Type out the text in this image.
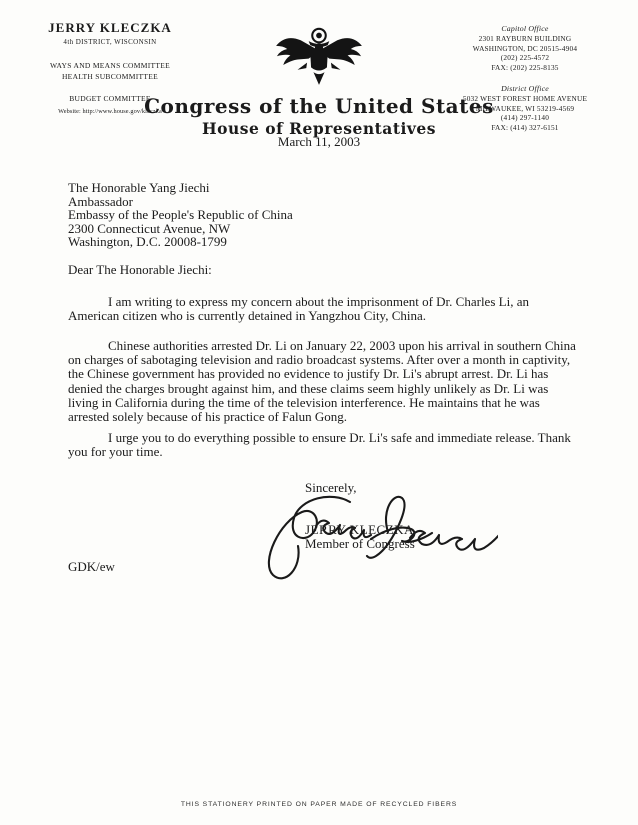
JERRY KLECZKA
4th DISTRICT, WISCONSIN
WAYS AND MEANS COMMITTEE
HEALTH SUBCOMMITTEE
BUDGET COMMITTEE
Website: http://www.house.gov/kleczka
Capitol Office
2301 RAYBURN BUILDING
WASHINGTON, DC 20515-4904
(202) 225-4572
FAX: (202) 225-8135
District Office
5032 WEST FOREST HOME AVENUE
MILWAUKEE, WI 53219-4569
(414) 297-1140
FAX: (414) 327-6151
Congress of the United States
House of Representatives
March 11, 2003
The Honorable Yang Jiechi
Ambassador
Embassy of the People's Republic of China
2300 Connecticut Avenue, NW
Washington, D.C. 20008-1799
Dear The Honorable Jiechi:
I am writing to express my concern about the imprisonment of Dr. Charles Li, an American citizen who is currently detained in Yangzhou City, China.
Chinese authorities arrested Dr. Li on January 22, 2003 upon his arrival in southern China on charges of sabotaging television and radio broadcast systems. After over a month in captivity, the Chinese government has provided no evidence to justify Dr. Li's abrupt arrest. Dr. Li has denied the charges brought against him, and these claims seem highly unlikely as Dr. Li was living in California during the time of the television interference. He maintains that he was arrested solely because of his practice of Falun Gong.
I urge you to do everything possible to ensure Dr. Li's safe and immediate release. Thank you for your time.
Sincerely,
JERRY KLECZKA
Member of Congress
GDK/ew
THIS STATIONERY PRINTED ON PAPER MADE OF RECYCLED FIBERS
